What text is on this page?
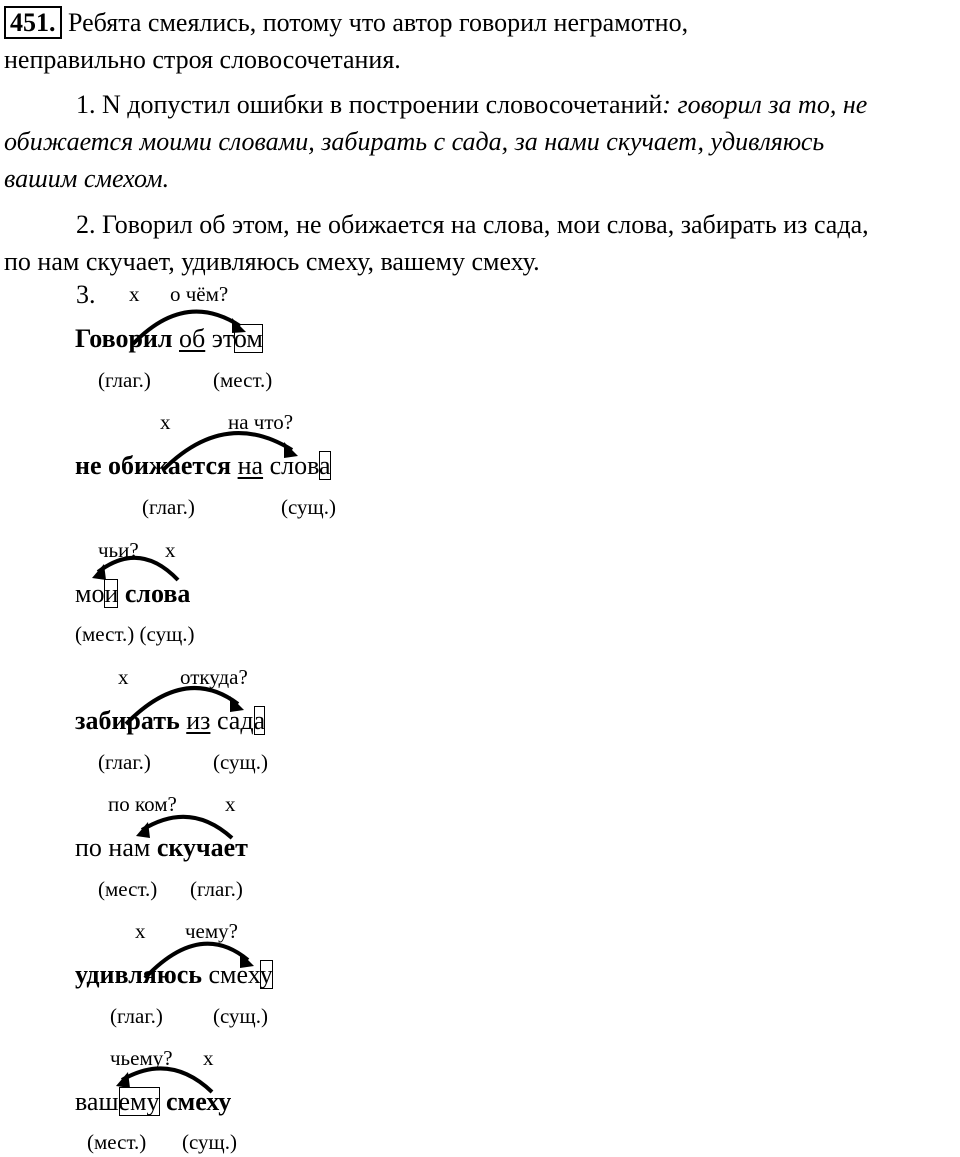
451. Ребята смеялись, потому что автор говорил неграмотно,
неправильно строя словосочетания.
1. N допустил ошибки в построении словосочетаний: говорил за то, не
обижается моими словами, забирать с сада, за нами скучает, удивляюсь
вашим смехом.
2. Говорил об этом, не обижается на слова, мои слова, забирать из сада,
по нам скучает, удивляюсь смеху, вашему смеху.
3. х о чём?
Говорил об этом
(глаг.)	(мест.)
х	на что?
не обижается на слова
(глаг.)	(сущ.)
чьи? х
мои слова
(мест.) (сущ.)
х откуда?
забирать из сада
(глаг.)	(сущ.)
по ком? х
по нам скучает
(мест.) (глаг.)
х чему?
удивляюсь смеху
(глаг.) (сущ.)
чьему? х
вашему смеху
(мест.) (сущ.)
